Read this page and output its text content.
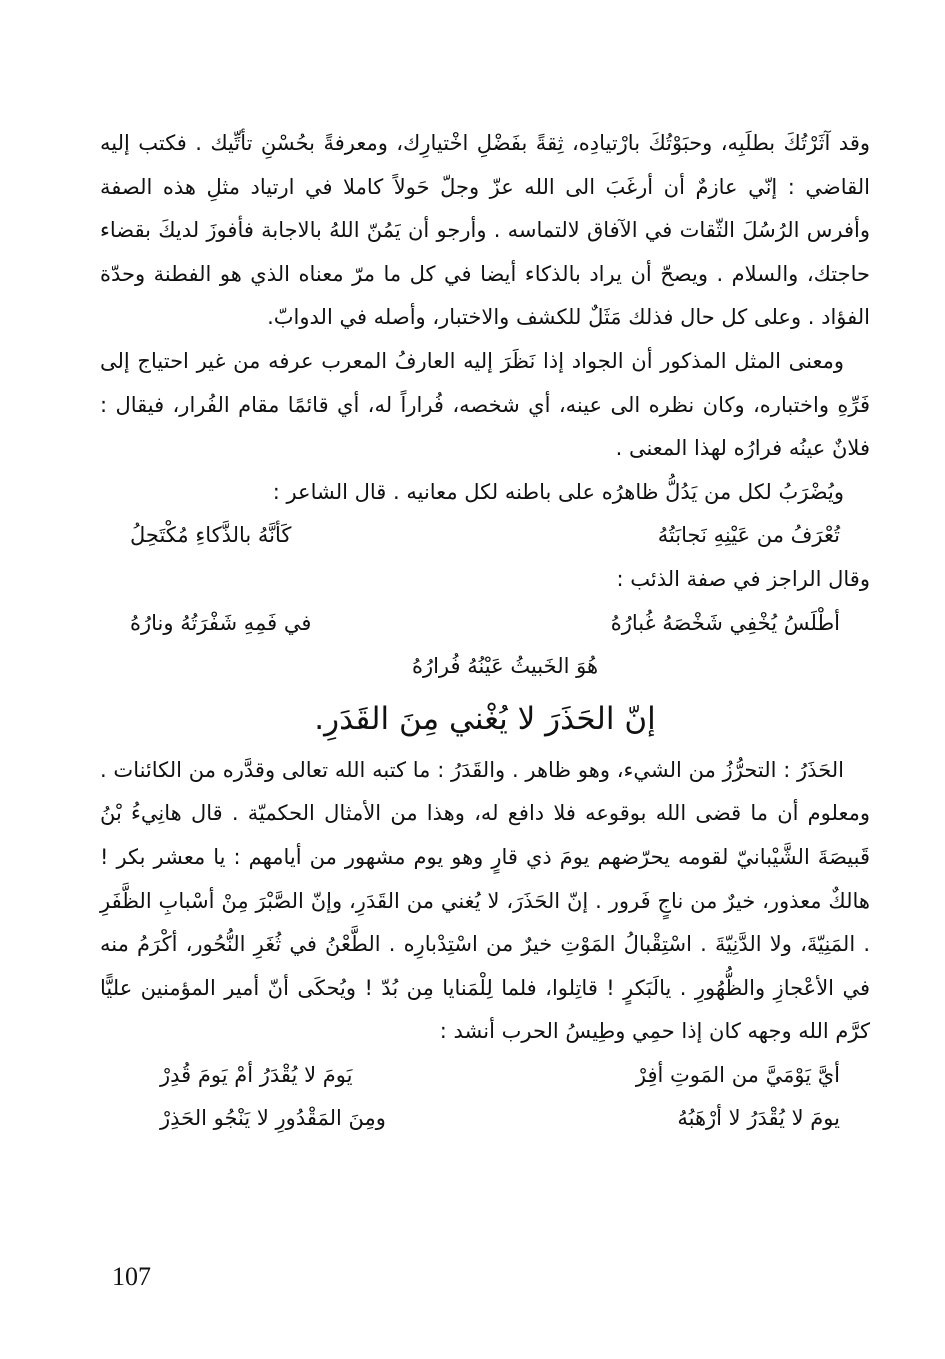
وقد آثَرْتُكَ بطلَبِه، وحبَوْتُكَ بارْتيادِه، ثِقةً بفَضْلِ اخْتيارِك، ومعرفةً بحُسْنِ تأتِّيك . فكتب إليه القاضي : إنّي عازمٌ أن أرغَبَ الى الله عزّ وجلّ حَولاً كاملا في ارتياد مثلِ هذه الصفة وأفرس الرُسُلَ الثّقات في الآفاق لالتماسه . وأرجو أن يَمُنّ اللهُ بالاجابة فأفوزَ لديكَ بقضاء حاجتك، والسلام . ويصحّ أن يراد بالذكاء أيضا في كل ما مرّ معناه الذي هو الفطنة وحدّة الفؤاد . وعلى كل حال فذلك مَثَلٌ للكشف والاختبار، وأصله في الدوابّ.

ومعنى المثل المذكور أن الجواد إذا نَظَرَ إليه العارفُ المعرب عرفه من غير احتياج إلى فَرِّهِ واختباره، وكان نظره الى عينه، أي شخصه، فُراراً له، أي قائمًا مقام الفُرار، فيقال : فلانٌ عينُه فرارُه لهذا المعنى .

ويُضْرَبُ لكل من يَدُلُّ ظاهرُه على باطنه لكل معانيه . قال الشاعر :

تُعْرَفُ من عَيْنِهِ نَجابَتُهُ
كَأنَّهُ بالذَّكاءِ مُكْتَحِلُ

وقال الراجز في صفة الذئب :

أطْلَسُ يُخْفِي شَخْصَهُ غُبارُهُ
في فَمِهِ شَفْرَتُهُ ونارُهُ
هُوَ الخَبيثُ عَيْنُهُ فُرارُهُ
إنّ الحَذَرَ لا يُغْني مِنَ القَدَرِ.

الحَذَرُ : التحرُّزُ من الشيء، وهو ظاهر . والقَدَرُ : ما كتبه الله تعالى وقدَّره من الكائنات . ومعلوم أن ما قضى الله بوقوعه فلا دافع له، وهذا من الأمثال الحكميّة . قال هانِيءُ بْنُ قَبيصَةَ الشَّيْبانيّ لقومه يحرّضهم يومَ ذي قارٍ وهو يوم مشهور من أيامهم : يا معشر بكر ! هالكٌ معذور، خيرٌ من ناجٍ فَرور . إنّ الحَذَرَ، لا يُغني من القَدَرِ، وإنّ الصَّبْرَ مِنْ أسْبابِ الظَّفَرِ . المَنِيّةَ، ولا الدَّنِيّةَ . اسْتِقْبالُ المَوْتِ خيرٌ من اسْتِدْبارِه . الطَّعْنُ في ثُغَرِ النُّحُور، أكْرَمُ منه في الأعْجازِ والظُّهُورِ . يالَبَكرٍ ! قاتِلوا، فلما لِلْمَنايا مِن بُدّ ! ويُحكَى أنّ أمير المؤمنين عليًّا كرَّم الله وجهه كان إذا حمِي وطِيسُ الحرب أنشد :

أيَّ يَوْمَيَّ من المَوتِ أفِرْ
يَومَ لا يُقْدَرُ أمْ يَومَ قُدِرْ
يومَ لا يُقْدَرُ لا أرْهَبُهُ
ومِنَ المَقْدُورِ لا يَنْجُو الحَذِرْ
107
